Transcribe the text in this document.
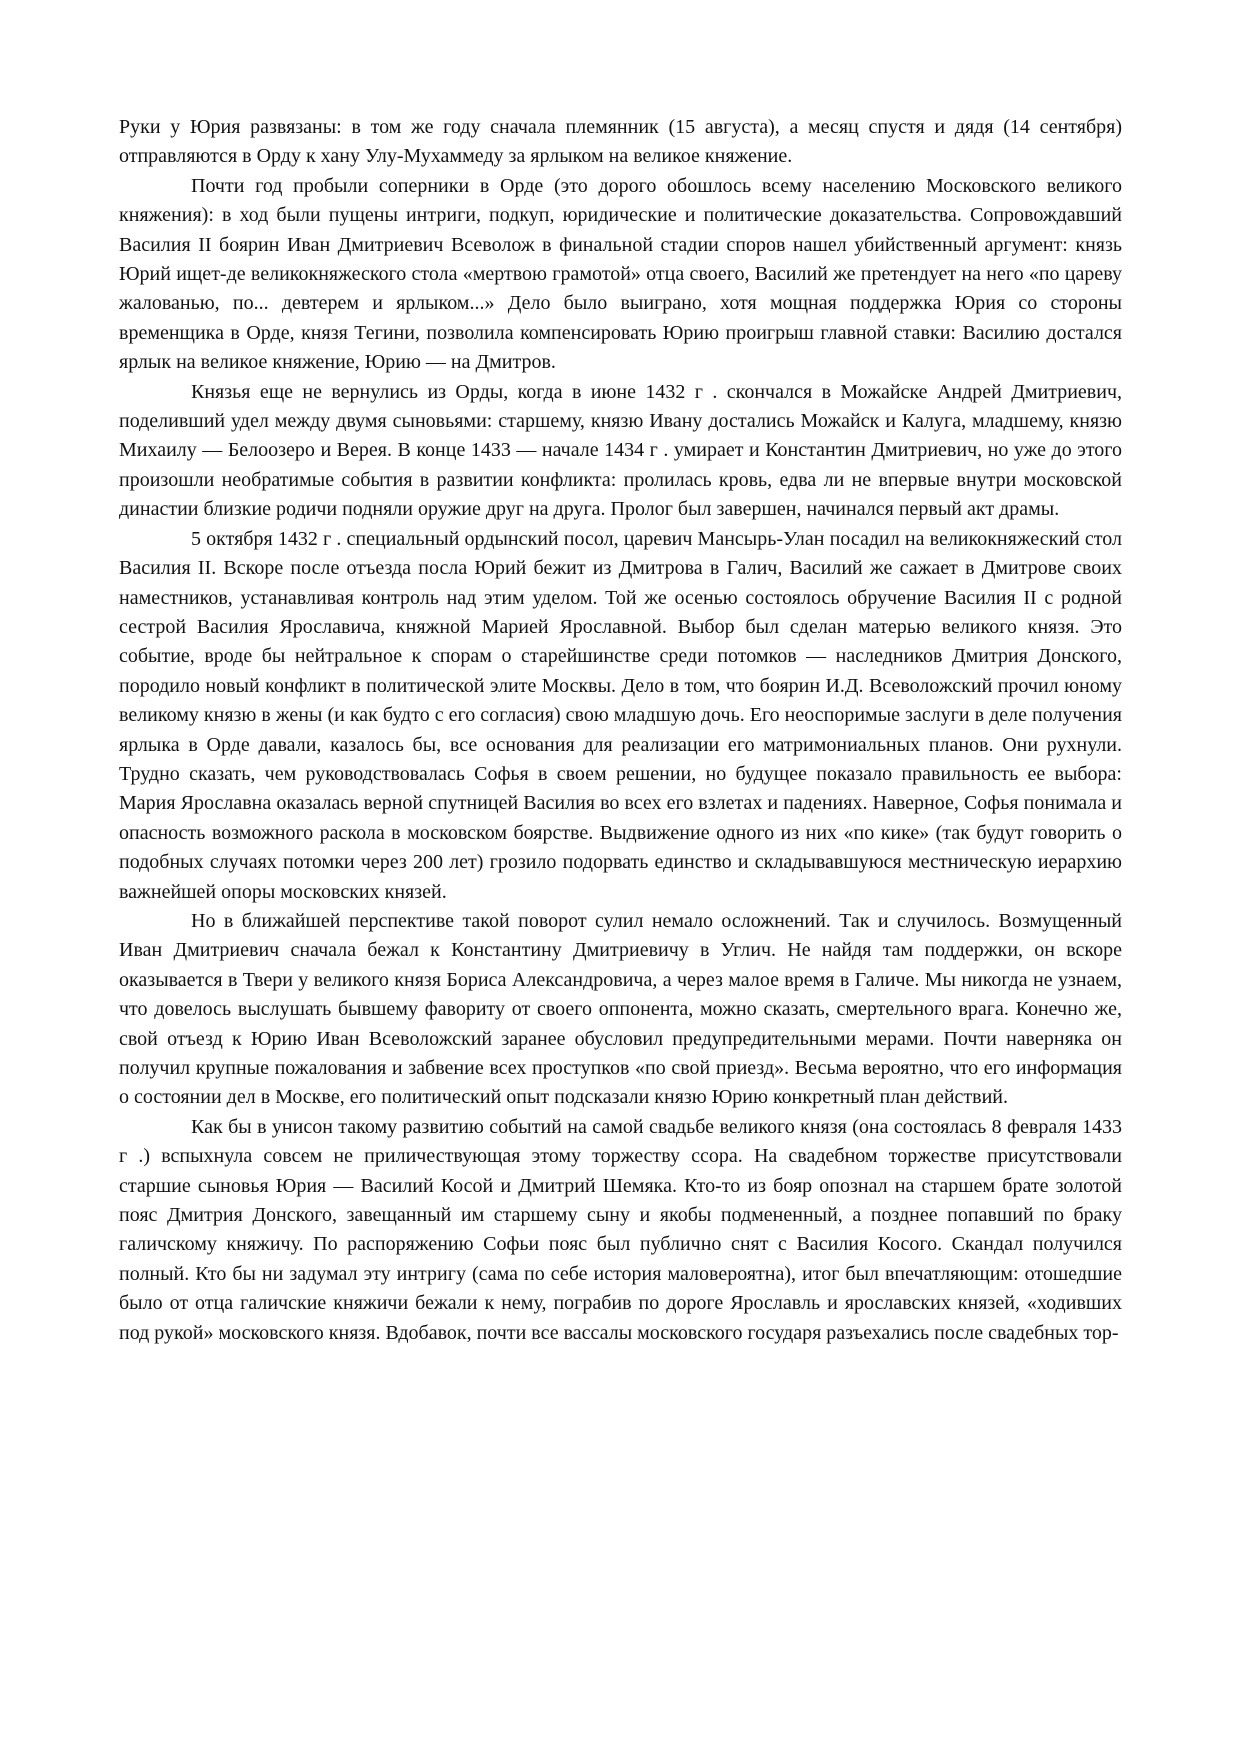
Руки у Юрия развязаны: в том же году сначала племянник (15 августа), а месяц спустя и дядя (14 сентября) отправляются в Орду к хану Улу-Мухаммеду за ярлыком на великое княжение.

Почти год пробыли соперники в Орде (это дорого обошлось всему населению Московского великого княжения): в ход были пущены интриги, подкуп, юридические и политические доказательства. Сопровождавший Василия II боярин Иван Дмитриевич Всеволож в финальной стадии споров нашел убийственный аргумент: князь Юрий ищет-де великокняжеского стола «мертвою грамотой» отца своего, Василий же претендует на него «по цареву жалованью, по... девтерем и ярлыком...» Дело было выиграно, хотя мощная поддержка Юрия со стороны временщика в Орде, князя Тегини, позволила компенсировать Юрию проигрыш главной ставки: Василию достался ярлык на великое княжение, Юрию — на Дмитров.

Князья еще не вернулись из Орды, когда в июне 1432 г . скончался в Можайске Андрей Дмитриевич, поделивший удел между двумя сыновьями: старшему, князю Ивану достались Можайск и Калуга, младшему, князю Михаилу — Белоозеро и Верея. В конце 1433 — начале 1434 г . умирает и Константин Дмитриевич, но уже до этого произошли необратимые события в развитии конфликта: пролилась кровь, едва ли не впервые внутри московской династии близкие родичи подняли оружие друг на друга. Пролог был завершен, начинался первый акт драмы.

5 октября 1432 г . специальный ордынский посол, царевич Мансырь-Улан посадил на великокняжеский стол Василия II. Вскоре после отъезда посла Юрий бежит из Дмитрова в Галич, Василий же сажает в Дмитрове своих наместников, устанавливая контроль над этим уделом. Той же осенью состоялось обручение Василия II с родной сестрой Василия Ярославича, княжной Марией Ярославной. Выбор был сделан матерью великого князя. Это событие, вроде бы нейтральное к спорам о старейшинстве среди потомков — наследников Дмитрия Донского, породило новый конфликт в политической элите Москвы. Дело в том, что боярин И.Д. Всеволожский прочил юному великому князю в жены (и как будто с его согласия) свою младшую дочь. Его неоспоримые заслуги в деле получения ярлыка в Орде давали, казалось бы, все основания для реализации его матримониальных планов. Они рухнули. Трудно сказать, чем руководствовалась Софья в своем решении, но будущее показало правильность ее выбора: Мария Ярославна оказалась верной спутницей Василия во всех его взлетах и падениях. Наверное, Софья понимала и опасность возможного раскола в московском боярстве. Выдвижение одного из них «по кике» (так будут говорить о подобных случаях потомки через 200 лет) грозило подорвать единство и складывавшуюся местническую иерархию важнейшей опоры московских князей.

Но в ближайшей перспективе такой поворот сулил немало осложнений. Так и случилось. Возмущенный Иван Дмитриевич сначала бежал к Константину Дмитриевичу в Углич. Не найдя там поддержки, он вскоре оказывается в Твери у великого князя Бориса Александровича, а через малое время в Галиче. Мы никогда не узнаем, что довелось выслушать бывшему фавориту от своего оппонента, можно сказать, смертельного врага. Конечно же, свой отъезд к Юрию Иван Всеволожский заранее обусловил предупредительными мерами. Почти наверняка он получил крупные пожалования и забвение всех проступков «по свой приезд». Весьма вероятно, что его информация о состоянии дел в Москве, его политический опыт подсказали князю Юрию конкретный план действий.

Как бы в унисон такому развитию событий на самой свадьбе великого князя (она состоялась 8 февраля 1433 г .) вспыхнула совсем не приличествующая этому торжеству ссора. На свадебном торжестве присутствовали старшие сыновья Юрия — Василий Косой и Дмитрий Шемяка. Кто-то из бояр опознал на старшем брате золотой пояс Дмитрия Донского, завещанный им старшему сыну и якобы подмененный, а позднее попавший по браку галичскому княжичу. По распоряжению Софьи пояс был публично снят с Василия Косого. Скандал получился полный. Кто бы ни задумал эту интригу (сама по себе история маловероятна), итог был впечатляющим: отошедшие было от отца галичские княжичи бежали к нему, пограбив по дороге Ярославль и ярославских князей, «ходивших под рукой» московского князя. Вдобавок, почти все вассалы московского государя разъехались после свадебных тор-
